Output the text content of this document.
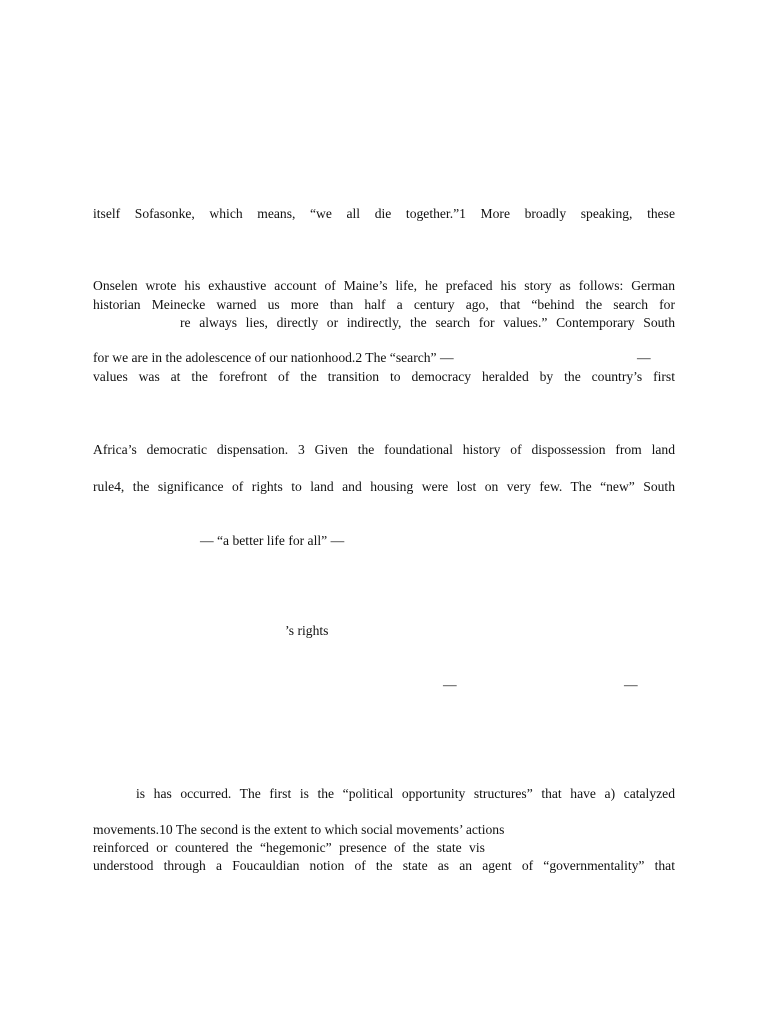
itself Sofasonke, which means, “we all die together.”1 More broadly speaking, these
Onselen wrote his exhaustive account of Maine’s life, he prefaced his story as follows: German
historian Meinecke warned us more than half a century ago, that “behind the search for
re always lies, directly or indirectly, the search for values.” Contemporary South
for we are in the adolescence of our nationhood.2 The “search” —	—
values was at the forefront of the transition to democracy heralded by the country’s first
Africa’s democratic dispensation. 3 Given the foundational history of dispossession from land
rule4, the significance of rights to land and housing were lost on very few. The “new” South
— “a better life for all” —
’s rights
—	—
is has occurred. The first is the “political opportunity structures” that have a) catalyzed
movements.10 The second is the extent to which social movements’ actions
reinforced or countered the “hegemonic” presence of the state vis
understood through a Foucauldian notion of the state as an agent of “governmentality” that
